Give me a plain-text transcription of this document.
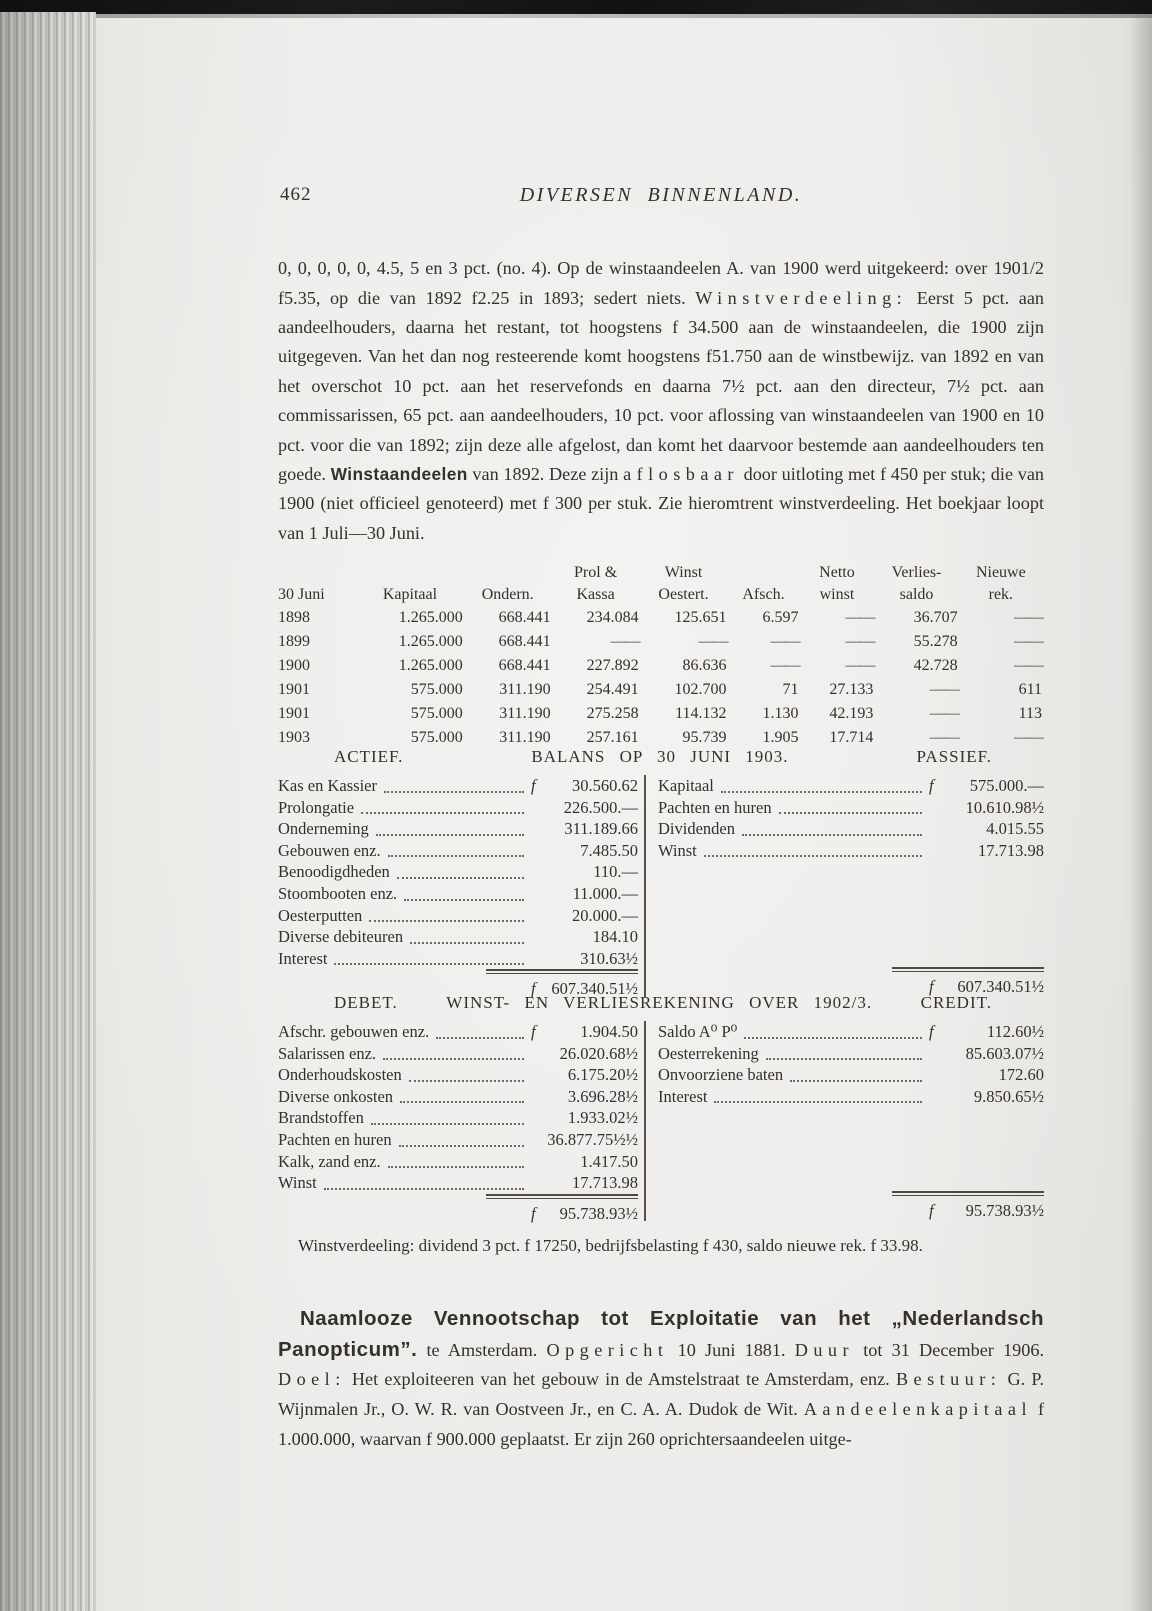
462	DIVERSEN BINNENLAND.

0, 0, 0, 0, 0, 4.5, 5 en 3 pct. (no. 4). Op de winstaandeelen A. van 1900 werd uitgekeerd: over 1901/2 f5.35, op die van 1892 f2.25 in 1893; sedert niets. Winstverdeeling: Eerst 5 pct. aan aandeelhouders, daarna het restant, tot hoogstens f 34.500 aan de winstaandeelen, die 1900 zijn uitgegeven. Van het dan nog resteerende komt hoogstens f51.750 aan de winstbewijz. van 1892 en van het overschot 10 pct. aan het reservefonds en daarna 7½ pct. aan den directeur, 7½ pct. aan commissarissen, 65 pct. aan aandeelhouders, 10 pct. voor aflossing van winstaandeelen van 1900 en 10 pct. voor die van 1892; zijn deze alle afgelost, dan komt het daarvoor bestemde aan aandeelhouders ten goede. Winstaandeelen van 1892. Deze zijn aflosbaar door uitloting met f 450 per stuk; die van 1900 (niet officieel genoteerd) met f 300 per stuk. Zie hieromtrent winstverdeeling. Het boekjaar loopt van 1 Juli—30 Juni.

			Prol &	Winst		Netto	Verlies-	Nieuwe
30 Juni	Kapitaal	Ondern.	Kassa	Oestert.	Afsch.	winst	saldo	rek.
1898	1.265.000	668.441	234.084	125.651	6.597	——	36.707	——
1899	1.265.000	668.441	——	——	——	——	55.278	——
1900	1.265.000	668.441	227.892	86.636	——	——	42.728	——
1901	575.000	311.190	254.491	102.700	71	27.133	——	611
1901	575.000	311.190	275.258	114.132	1.130	42.193	——	113
1903	575.000	311.190	257.161	95.739	1.905	17.714	——	——
ACTIEF.	BALANS OP 30 JUNI 1903.	PASSIEF.
Kas en Kassier	f	30.560.62
Prolongatie	226.500.—
Onderneming	311.189.66
Gebouwen enz.	7.485.50
Benoodigdheden	110.—
Stoombooten enz.	11.000.—
Oesterputten	20.000.—
Diverse debiteuren	184.10
Interest	310.63½
f 607.340.51½
Kapitaal	f	575.000.—
Pachten en huren	10.610.98½
Dividenden	4.015.55
Winst	17.713.98
f	607.340.51½
DEBET.	WINST- EN VERLIESREKENING OVER 1902/3.	CREDIT.
Afschr. gebouwen enz.	f	1.904.50
Salarissen enz.	26.020.68½
Onderhoudskosten	6.175.20½
Diverse onkosten	3.696.28½
Brandstoffen	1.933.02½
Pachten en huren	36.877.75½½
Kalk, zand enz.	1.417.50
Winst	17.713.98
f	95.738.93½
Saldo A⁰ P⁰	f	112.60½
Oesterrekening	85.603.07½
Onvoorziene baten	172.60
Interest	9.850.65½
f	95.738.93½

Winstverdeeling: dividend 3 pct. f 17250, bedrijfsbelasting f 430, saldo nieuwe rek. f 33.98.

Naamlooze Vennootschap tot Exploitatie van het „Nederlandsch Panopticum”. te Amsterdam. Opgericht 10 Juni 1881. Duur tot 31 December 1906. Doel: Het exploiteeren van het gebouw in de Amstelstraat te Amsterdam, enz. Bestuur: G. P. Wijnmalen Jr., O. W. R. van Oostveen Jr., en C. A. A. Dudok de Wit. Aandeelenkapitaal f 1.000.000, waarvan f 900.000 geplaatst. Er zijn 260 oprichtersaandeelen uitge-
